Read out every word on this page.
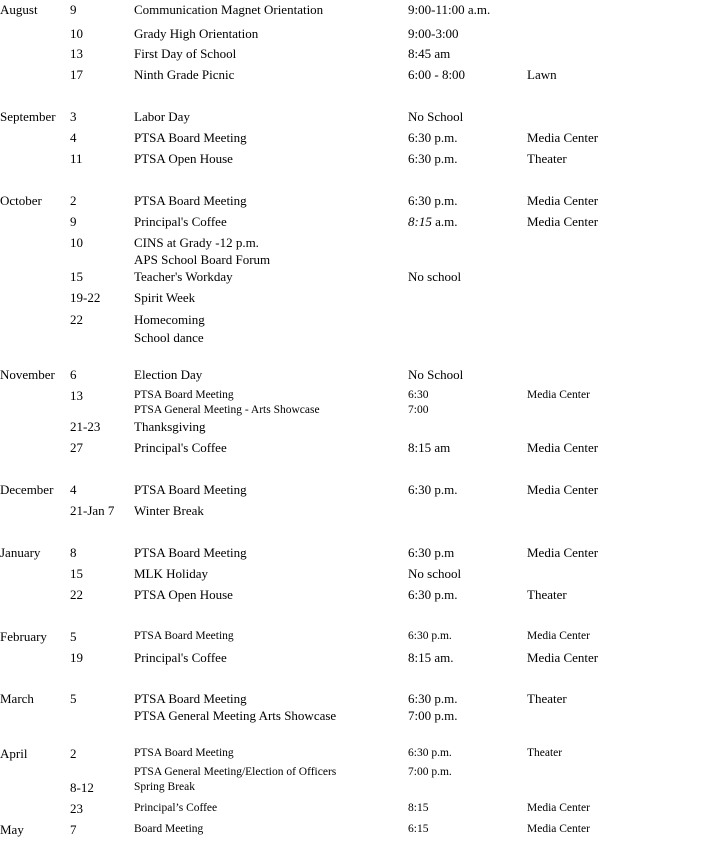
August 9	Communication Magnet Orientation	9:00-11:00 a.m.
10	Grady High Orientation	9:00-3:00
13	First Day of School	8:45 am
17	Ninth Grade Picnic	6:00 - 8:00	Lawn
September 3	Labor Day	No School
4	PTSA Board Meeting	6:30 p.m.	Media Center
11	PTSA Open House	6:30 p.m.	Theater
October 2	PTSA Board Meeting	6:30 p.m.	Media Center
9	Principal's Coffee	8:15 a.m.	Media Center
10	CINS at Grady -12 p.m.
APS School Board Forum
15	Teacher's Workday	No school
19-22	Spirit Week
22	Homecoming
School dance
November 6	Election Day	No School
13	PTSA Board Meeting	6:30	Media Center
PTSA General Meeting - Arts Showcase	7:00
21-23	Thanksgiving
27	Principal's Coffee	8:15 am	Media Center
December 4	PTSA Board Meeting	6:30 p.m.	Media Center
21-Jan 7 Winter Break
January 8	PTSA Board Meeting	6:30 p.m	Media Center
15	MLK Holiday	No school
22	PTSA Open House	6:30 p.m.	Theater
February 5	PTSA Board Meeting	6:30 p.m.	Media Center
19	Principal's Coffee	8:15 am.	Media Center
March	5	PTSA Board Meeting	6:30 p.m.	Theater
PTSA General Meeting Arts Showcase	7:00 p.m.
April	2	PTSA Board Meeting	6:30 p.m.	Theater
PTSA General Meeting/Election of Officers	7:00 p.m.
8-12	Spring Break
23	Principal’s Coffee	8:15	Media Center
May	7	Board Meeting	6:15	Media Center
